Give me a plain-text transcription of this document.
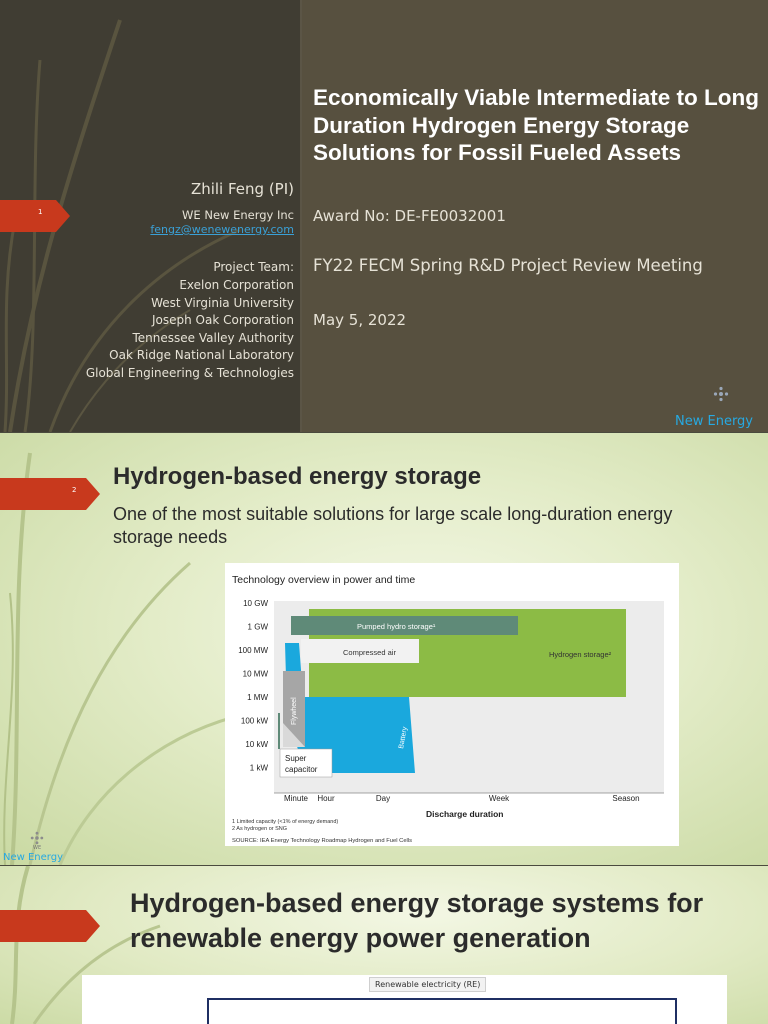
1
Zhili Feng (PI)
WE New Energy Inc
fengz@wenewenergy.com
Project Team:
Exelon Corporation
West Virginia University
Joseph Oak Corporation
Tennessee Valley Authority
Oak Ridge National Laboratory
Global Engineering & Technologies
Economically Viable Intermediate to Long Duration Hydrogen Energy Storage Solutions for Fossil Fueled Assets
Award No: DE-FE0032001
FY22 FECM Spring R&D Project Review Meeting
May 5, 2022
New Energy
2 Hydrogen-based energy storage

One of the most suitable solutions for large scale long-duration energy storage needs

Technology overview in power and time
10 GW
1 GW
100 MW
10 MW
1 MW
100 kW
10 kW
1 kW
Minute Hour	Day	Week	Season
Hydrogen storage²
Battery
Compressed air
Pumped hydro storage¹
Flywheel
Super capacitor
Discharge duration
1 Limited capacity (<1% of energy demand)
2 As hydrogen or SNG
SOURCE: IEA Energy Technology Roadmap Hydrogen and Fuel Cells
WE
New Energy
Hydrogen-based energy storage systems for renewable energy power generation
Renewable electricity (RE)
